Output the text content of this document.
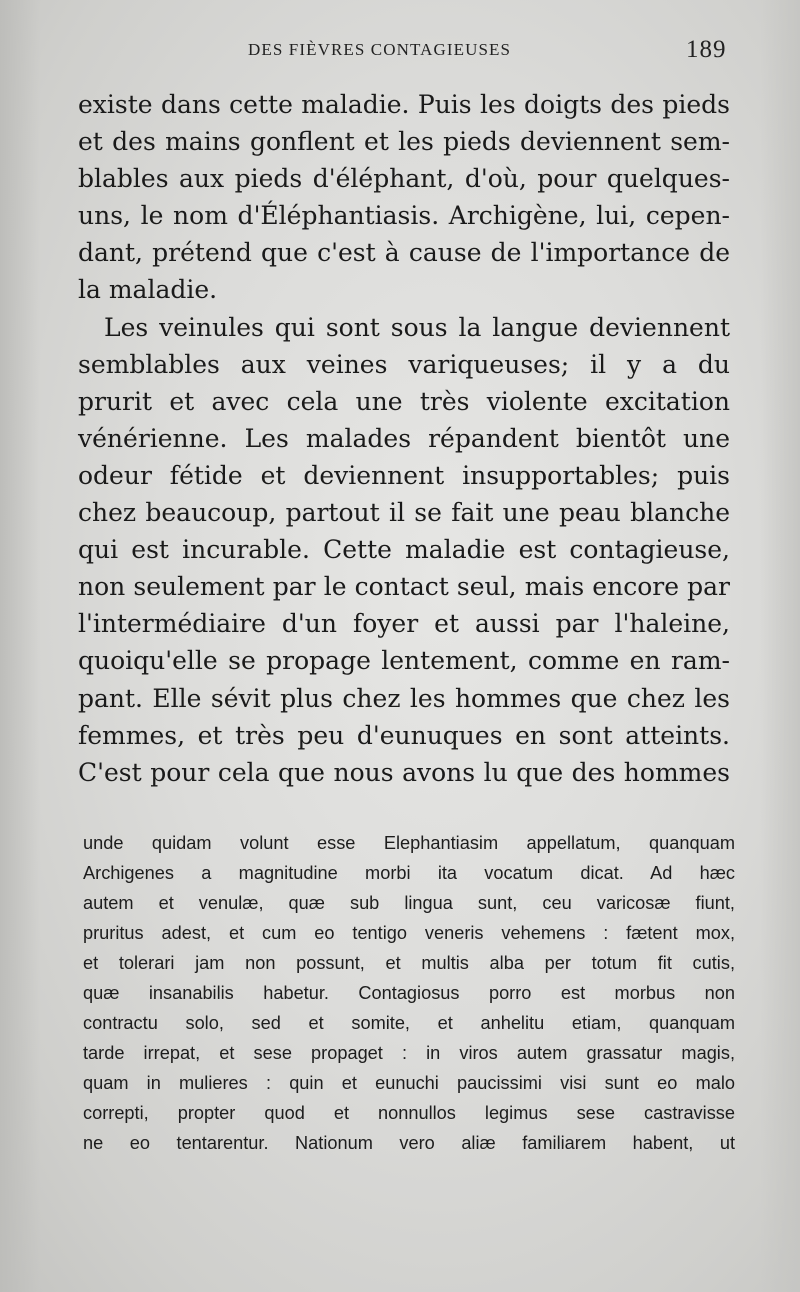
DES FIÈVRES CONTAGIEUSES	189
existe dans cette maladie. Puis les doigts des pieds
et des mains gonflent et les pieds deviennent sem-
blables aux pieds d'éléphant, d'où, pour quelques-
uns, le nom d'Éléphantiasis. Archigène, lui, cepen-
dant, prétend que c'est à cause de l'importance de
la maladie.
Les veinules qui sont sous la langue deviennent
semblables aux veines variqueuses; il y a du
prurit et avec cela une très violente excitation
vénérienne. Les malades répandent bientôt une
odeur fétide et deviennent insupportables; puis
chez beaucoup, partout il se fait une peau blanche
qui est incurable. Cette maladie est contagieuse,
non seulement par le contact seul, mais encore par
l'intermédiaire d'un foyer et aussi par l'haleine,
quoiqu'elle se propage lentement, comme en ram-
pant. Elle sévit plus chez les hommes que chez les
femmes, et très peu d'eunuques en sont atteints.
C'est pour cela que nous avons lu que des hommes
unde quidam volunt esse Elephantiasim appellatum, quanquam
Archigenes a magnitudine morbi ita vocatum dicat. Ad hæc
autem et venulæ, quæ sub lingua sunt, ceu varicosæ fiunt,
pruritus adest, et cum eo tentigo veneris vehemens : fætent mox,
et tolerari jam non possunt, et multis alba per totum fit cutis,
quæ insanabilis habetur. Contagiosus porro est morbus non
contractu solo, sed et somite, et anhelitu etiam, quanquam
tarde irrepat, et sese propaget : in viros autem grassatur magis,
quam in mulieres : quin et eunuchi paucissimi visi sunt eo malo
correpti, propter quod et nonnullos legimus sese castravisse
ne eo tentarentur. Nationum vero aliæ familiarem habent, ut
